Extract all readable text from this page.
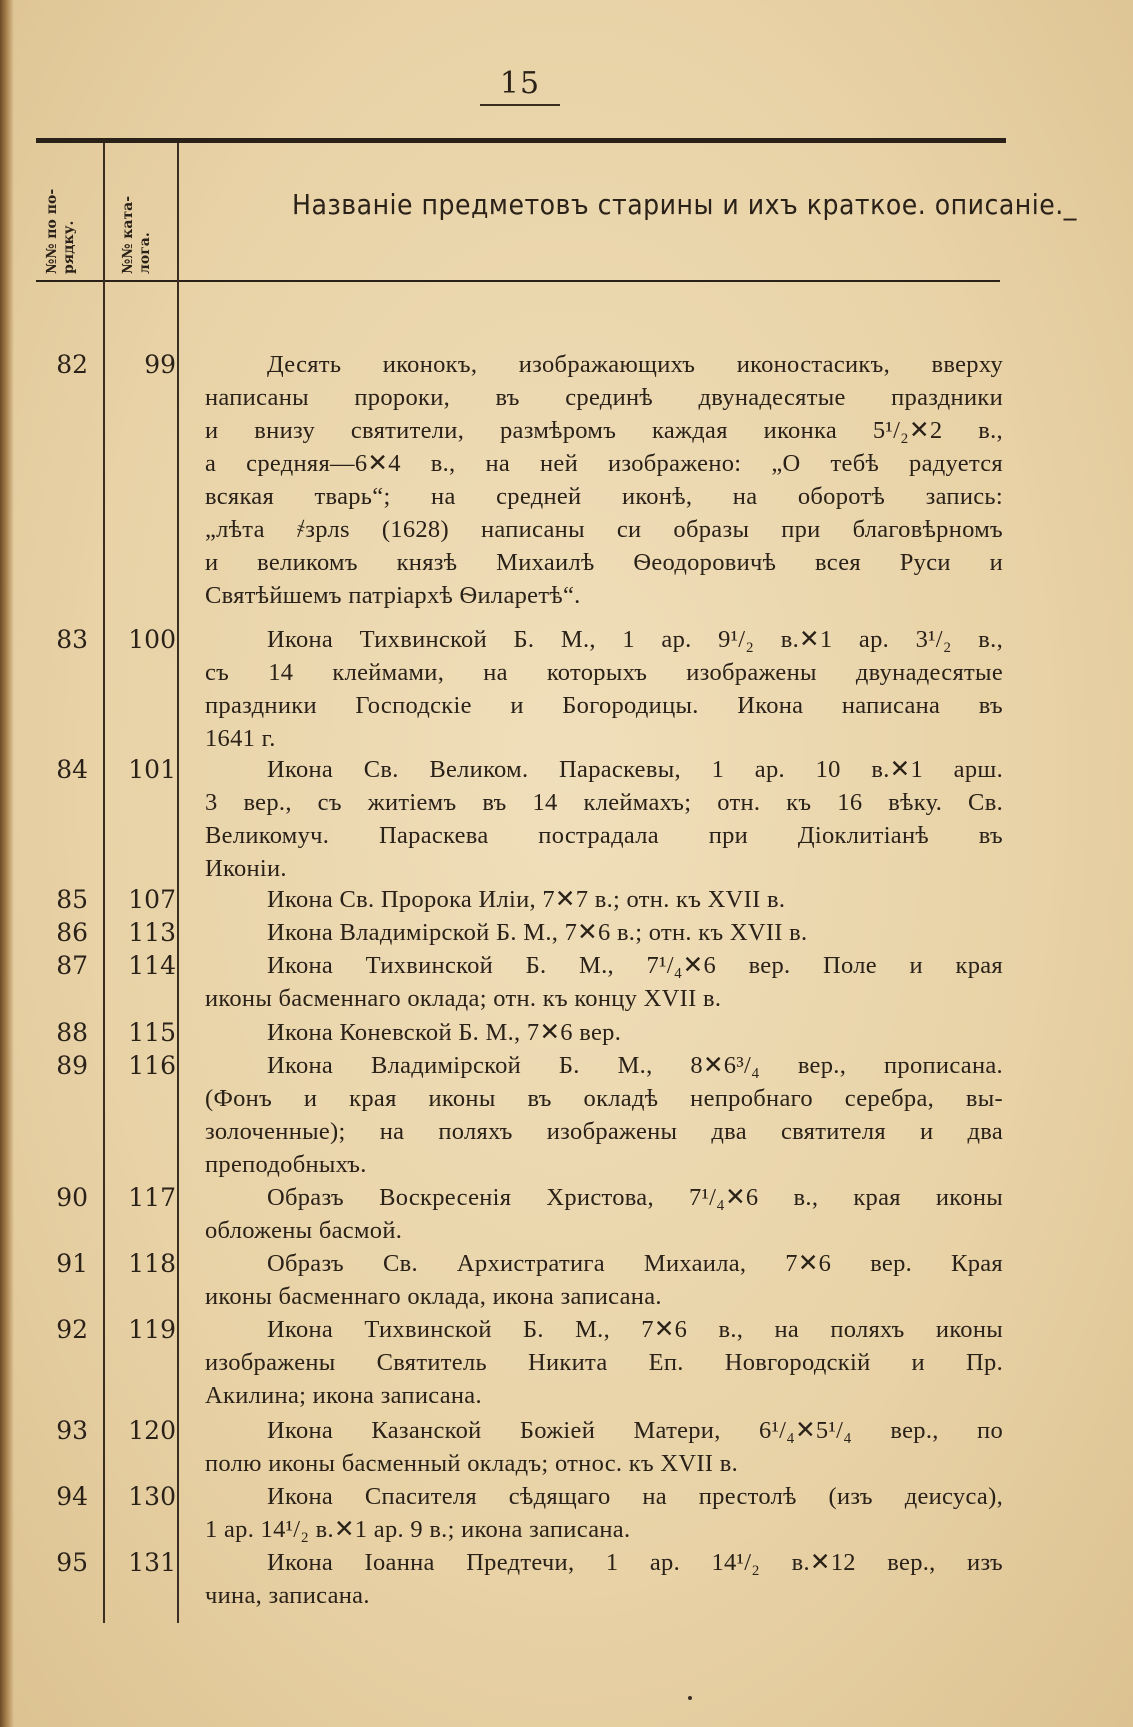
15
№№ по по- рядку.	№№ ката- лога.
Названіе предметовъ старины и ихъ краткое. описаніе._
82	99	Десять иконокъ, изображающихъ иконостасикъ, вверху
написаны пророки, въ срединѣ двунадесятые праздники
и внизу святители, размѣромъ каждая иконка 5¹/₂✕2 в.,
а средняя—6✕4 в., на ней изображено: „О тебѣ радуется
всякая тварь“; на средней иконѣ, на оборотѣ запись:
„лѣта ҂зрлѕ (1628) написаны си образы при благовѣрномъ
и великомъ князѣ Михаилѣ Ѳеодоровичѣ всея Руси и
Святѣйшемъ патріархѣ Ѳиларетѣ“.
83	100	Икона Тихвинской Б. М., 1 ар. 9¹/₂ в.✕1 ар. 3¹/₂ в.,
съ 14 клеймами, на которыхъ изображены двунадесятые
праздники Господскіе и Богородицы. Икона написана въ
1641 г.
84	101	Икона Св. Великом. Параскевы, 1 ар. 10 в.✕1 арш.
3 вер., съ житіемъ въ 14 клеймахъ; отн. къ 16 вѣку. Св.
Великомуч. Параскева пострадала при Діоклитіанѣ въ
Иконіи.
85	107	Икона Св. Пророка Иліи, 7✕7 в.; отн. къ XVII в.
86	113	Икона Владимірской Б. М., 7✕6 в.; отн. къ XVII в.
87	114	Икона Тихвинской Б. М., 7¹/₄✕6 вер. Поле и края
иконы басменнаго оклада; отн. къ концу XVII в.
88	115	Икона Коневской Б. М., 7✕6 вер.
89	116	Икона Владимірской Б. М., 8✕6³/₄ вер., прописана.
(Фонъ и края иконы въ окладѣ непробнаго серебра, вы-
золоченные); на поляхъ изображены два святителя и два
преподобныхъ.
90	117	Образъ Воскресенія Христова, 7¹/₄✕6 в., края иконы
обложены басмой.
91	118	Образъ Св. Архистратига Михаила, 7✕6 вер. Края
иконы басменнаго оклада, икона записана.
92	119	Икона Тихвинской Б. М., 7✕6 в., на поляхъ иконы
изображены Святитель Никита Еп. Новгородскій и Пр.
Акилина; икона записана.
93	120	Икона Казанской Божіей Матери, 6¹/₄✕5¹/₄ вер., по
полю иконы басменный окладъ; относ. къ XVII в.
94	130	Икона Спасителя сѣдящаго на престолѣ (изъ деисуса),
1 ар. 14¹/₂ в.✕1 ар. 9 в.; икона записана.
95	131	Икона Іоанна Предтечи, 1 ар. 14¹/₂ в.✕12 вер., изъ
чина, записана.
